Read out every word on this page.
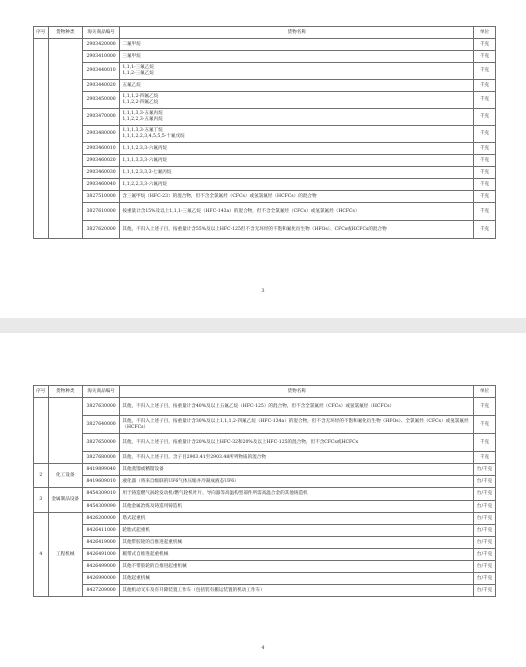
序号	货物种类	海关商品编号	货物名称	单位
		2903420000	二氟甲烷	千克
		2903410000	三氟甲烷	千克
		2903440010	1,1,1-三氟乙烷
1,1,2-三氟乙烷	千克
		2903440020	五氟乙烷	千克
		2903450000	1,1,1,2-四氟乙烷
1,1,2,2-四氟乙烷	千克
		2903470000	1,1,1,3,3-五氟丙烷
1,1,2,2,3-五氟丙烷	千克
		2903480000	1,1,1,3,3-五氟丁烷
1,1,1,2,2,3,4,5,5,5-十氟戊烷	千克
		2903460010	1,1,1,2,3,3-六氟丙烷	千克
		2903460020	1,1,1,3,3,3-六氟丙烷	千克
		2903460030	1,1,1,2,3,3,3-七氟丙烷	千克
		2903460040	1,1,2,2,3,3-六氟丙烷	千克
		3827510000	含三氟甲烷（HFC-23）的混合物，但不含全氯氟烃（CFCs）或氢氯氟烃（HCFCs）的混合物	千克
		3827610000	按重量计含15%及以上1,1,1-三氟乙烷（HFC-143a）的混合物，但不含全氯氟烃（CFCs）或氢氯氟烃（HCFCs）	千克
		3827620000	其他，不归入上述子目，按重量计含55%及以上HFC-125但不含无环烃的不饱和氟化衍生物（HFOs）、CFCs或HCFCs的混合物	千克
3
序号	货物种类	海关商品编号	货物名称	单位
		3827630000	其他，不归入上述子目，按重量计含40%及以上五氟乙烷（HFC-125）的混合物，但不含全氯氟烃（CFCs）或氢氯氟烃（HCFCs）	千克
		3827640000	其他，不归入上述子目，按重量计含30%及以上1,1,1,2-四氟乙烷（HFC-134a）的混合物，但不含无环烃的不饱和氟化衍生物（HFOs）、全氯氟烃（CFCs）或氢氯氟烃（HCFCs）	千克
		3827650000	其他，不归入上述子目，按重量计含20%及以上HFC-32和20%及以上HFC-125的混合物，但不含CFCs或HCFCs	千克
		3827680000	其他，不归入上述子目，含子目2903.41至2903.48所列物质的混合物	千克
2	化工设备	8419899040	其他蒸馏或精馏设备	台/千克
		8419609010	液化器（将来自级联的UF6气体压缩并冷凝成液态UF6）	台/千克
3	金属制品设备	8454309010	用于铸造燃气涡轮发动机/燃气轮机叶片、导向器等高温构型部件所需高温合金的其他铸造机	台/千克
		8454309090	其他金属冶炼及铸造用铸造机	台/千克
4	工程机械	8426200000	塔式起重机	台/千克
		8426411000	轮胎式起重机	台/千克
		8426419000	其他带胶轮的自推进起重机械	台/千克
		8426491000	履带式自推进起重机械	台/千克
		8426499000	其他不带胶轮的自推进起重机械	台/千克
		8426990000	其他起重机械	台/千克
		8427209000	其他机动叉车及有升降装置工作车（包括装有搬运装置的机动工作车）	台/千克
4
